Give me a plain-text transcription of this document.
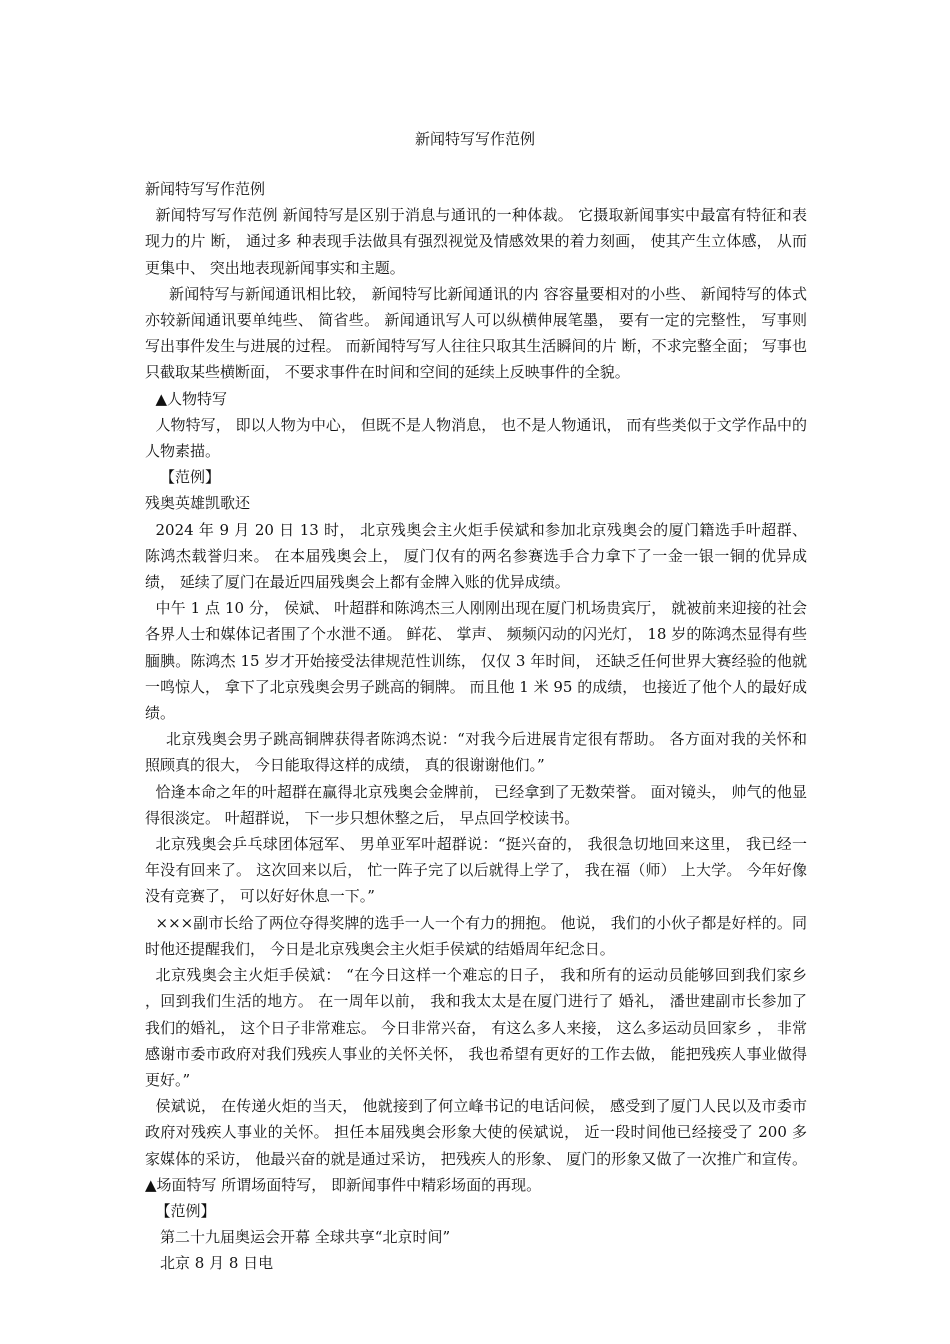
新闻特写写作范例

新闻特写写作范例

新闻特写写作范例 新闻特写是区别于消息与通讯的一种体裁。 它摄取新闻事实中最富有特征和表现力的片 断， 通过多 种表现手法做具有强烈视觉及情感效果的着力刻画， 使其产生立体感， 从而更集中、 突出地表现新闻事实和主题。

新闻特写与新闻通讯相比较， 新闻特写比新闻通讯的内 容容量要相对的小些、 新闻特写的体式亦较新闻通讯要单纯些、 简省些。 新闻通讯写人可以纵横伸展笔墨， 要有一定的完整性， 写事则写出事件发生与进展的过程。 而新闻特写写人往往只取其生活瞬间的片 断，不求完整全面； 写事也只截取某些横断面， 不要求事件在时间和空间的延续上反映事件的全貌。

▲人物特写

人物特写， 即以人物为中心， 但既不是人物消息， 也不是人物通讯， 而有些类似于文学作品中的人物素描。

【范例】

残奥英雄凯歌还

2024 年 9 月 20 日 13 时， 北京残奥会主火炬手侯斌和参加北京残奥会的厦门籍选手叶超群、 陈鸿杰载誉归来。 在本届残奥会上， 厦门仅有的两名参赛选手合力拿下了一金一银一铜的优异成绩， 延续了厦门在最近四届残奥会上都有金牌入账的优异成绩。

中午 1 点 10 分， 侯斌、 叶超群和陈鸿杰三人刚刚出现在厦门机场贵宾厅， 就被前来迎接的社会各界人士和媒体记者围了个水泄不通。 鲜花、 掌声、 频频闪动的闪光灯， 18 岁的陈鸿杰显得有些腼腆。陈鸿杰 15 岁才开始接受法律规范性训练， 仅仅 3 年时间， 还缺乏任何世界大赛经验的他就一鸣惊人， 拿下了北京残奥会男子跳高的铜牌。 而且他 1 米 95 的成绩， 也接近了他个人的最好成绩。

北京残奥会男子跳高铜牌获得者陈鸿杰说：“对我今后进展肯定很有帮助。 各方面对我的关怀和照顾真的很大， 今日能取得这样的成绩， 真的很谢谢他们。”

恰逢本命之年的叶超群在赢得北京残奥会金牌前， 已经拿到了无数荣誉。 面对镜头， 帅气的他显得很淡定。 叶超群说， 下一步只想休整之后， 早点回学校读书。

北京残奥会乒乓球团体冠军、 男单亚军叶超群说：“挺兴奋的， 我很急切地回来这里， 我已经一年没有回来了。 这次回来以后， 忙一阵子完了以后就得上学了， 我在福（师） 上大学。 今年好像没有竞赛了， 可以好好休息一下。”

×××副市长给了两位夺得奖牌的选手一人一个有力的拥抱。 他说， 我们的小伙子都是好样的。同时他还提醒我们， 今日是北京残奥会主火炬手侯斌的结婚周年纪念日。

北京残奥会主火炬手侯斌： “在今日这样一个难忘的日子， 我和所有的运动员能够回到我们家乡 ，回到我们生活的地方。 在一周年以前， 我和我太太是在厦门进行了 婚礼， 潘世建副市长参加了我们的婚礼， 这个日子非常难忘。 今日非常兴奋， 有这么多人来接， 这么多运动员回家乡 ， 非常感谢市委市政府对我们残疾人事业的关怀关怀， 我也希望有更好的工作去做， 能把残疾人事业做得更好。”

侯斌说， 在传递火炬的当天， 他就接到了何立峰书记的电话问候， 感受到了厦门人民以及市委市政府对残疾人事业的关怀。 担任本届残奥会形象大使的侯斌说， 近一段时间他已经接受了 200 多家媒体的采访， 他最兴奋的就是通过采访， 把残疾人的形象、 厦门的形象又做了一次推广和宣传。 ▲场面特写 所谓场面特写， 即新闻事件中精彩场面的再现。

【范例】

第二十九届奥运会开幕 全球共享“北京时间”

北京 8 月 8 日电
